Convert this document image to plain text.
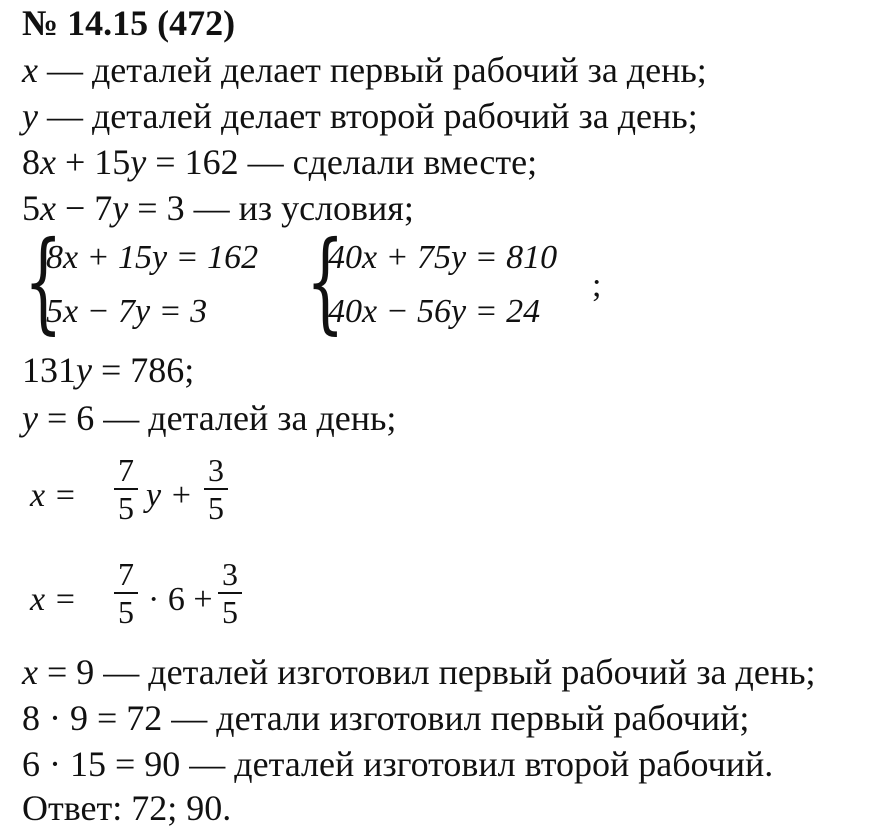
№ 14.15 (472)
x — деталей делает первый рабочий за день;
y — деталей делает второй рабочий за день;
8x + 15y = 162 — сделали вместе;
5x − 7y = 3 — из условия;
{
8x + 15y = 162
5x − 7y = 3 {
40x + 75y = 810
40x − 56y = 24
;
131y = 786;
y = 6 — деталей за день;
x =
7
5 y +
3
5
x =
7
5 · 6 +
3
5
x = 9 — деталей изготовил первый рабочий за день;
8 · 9 = 72 — детали изготовил первый рабочий;
6 · 15 = 90 — деталей изготовил второй рабочий.
Ответ: 72; 90.
